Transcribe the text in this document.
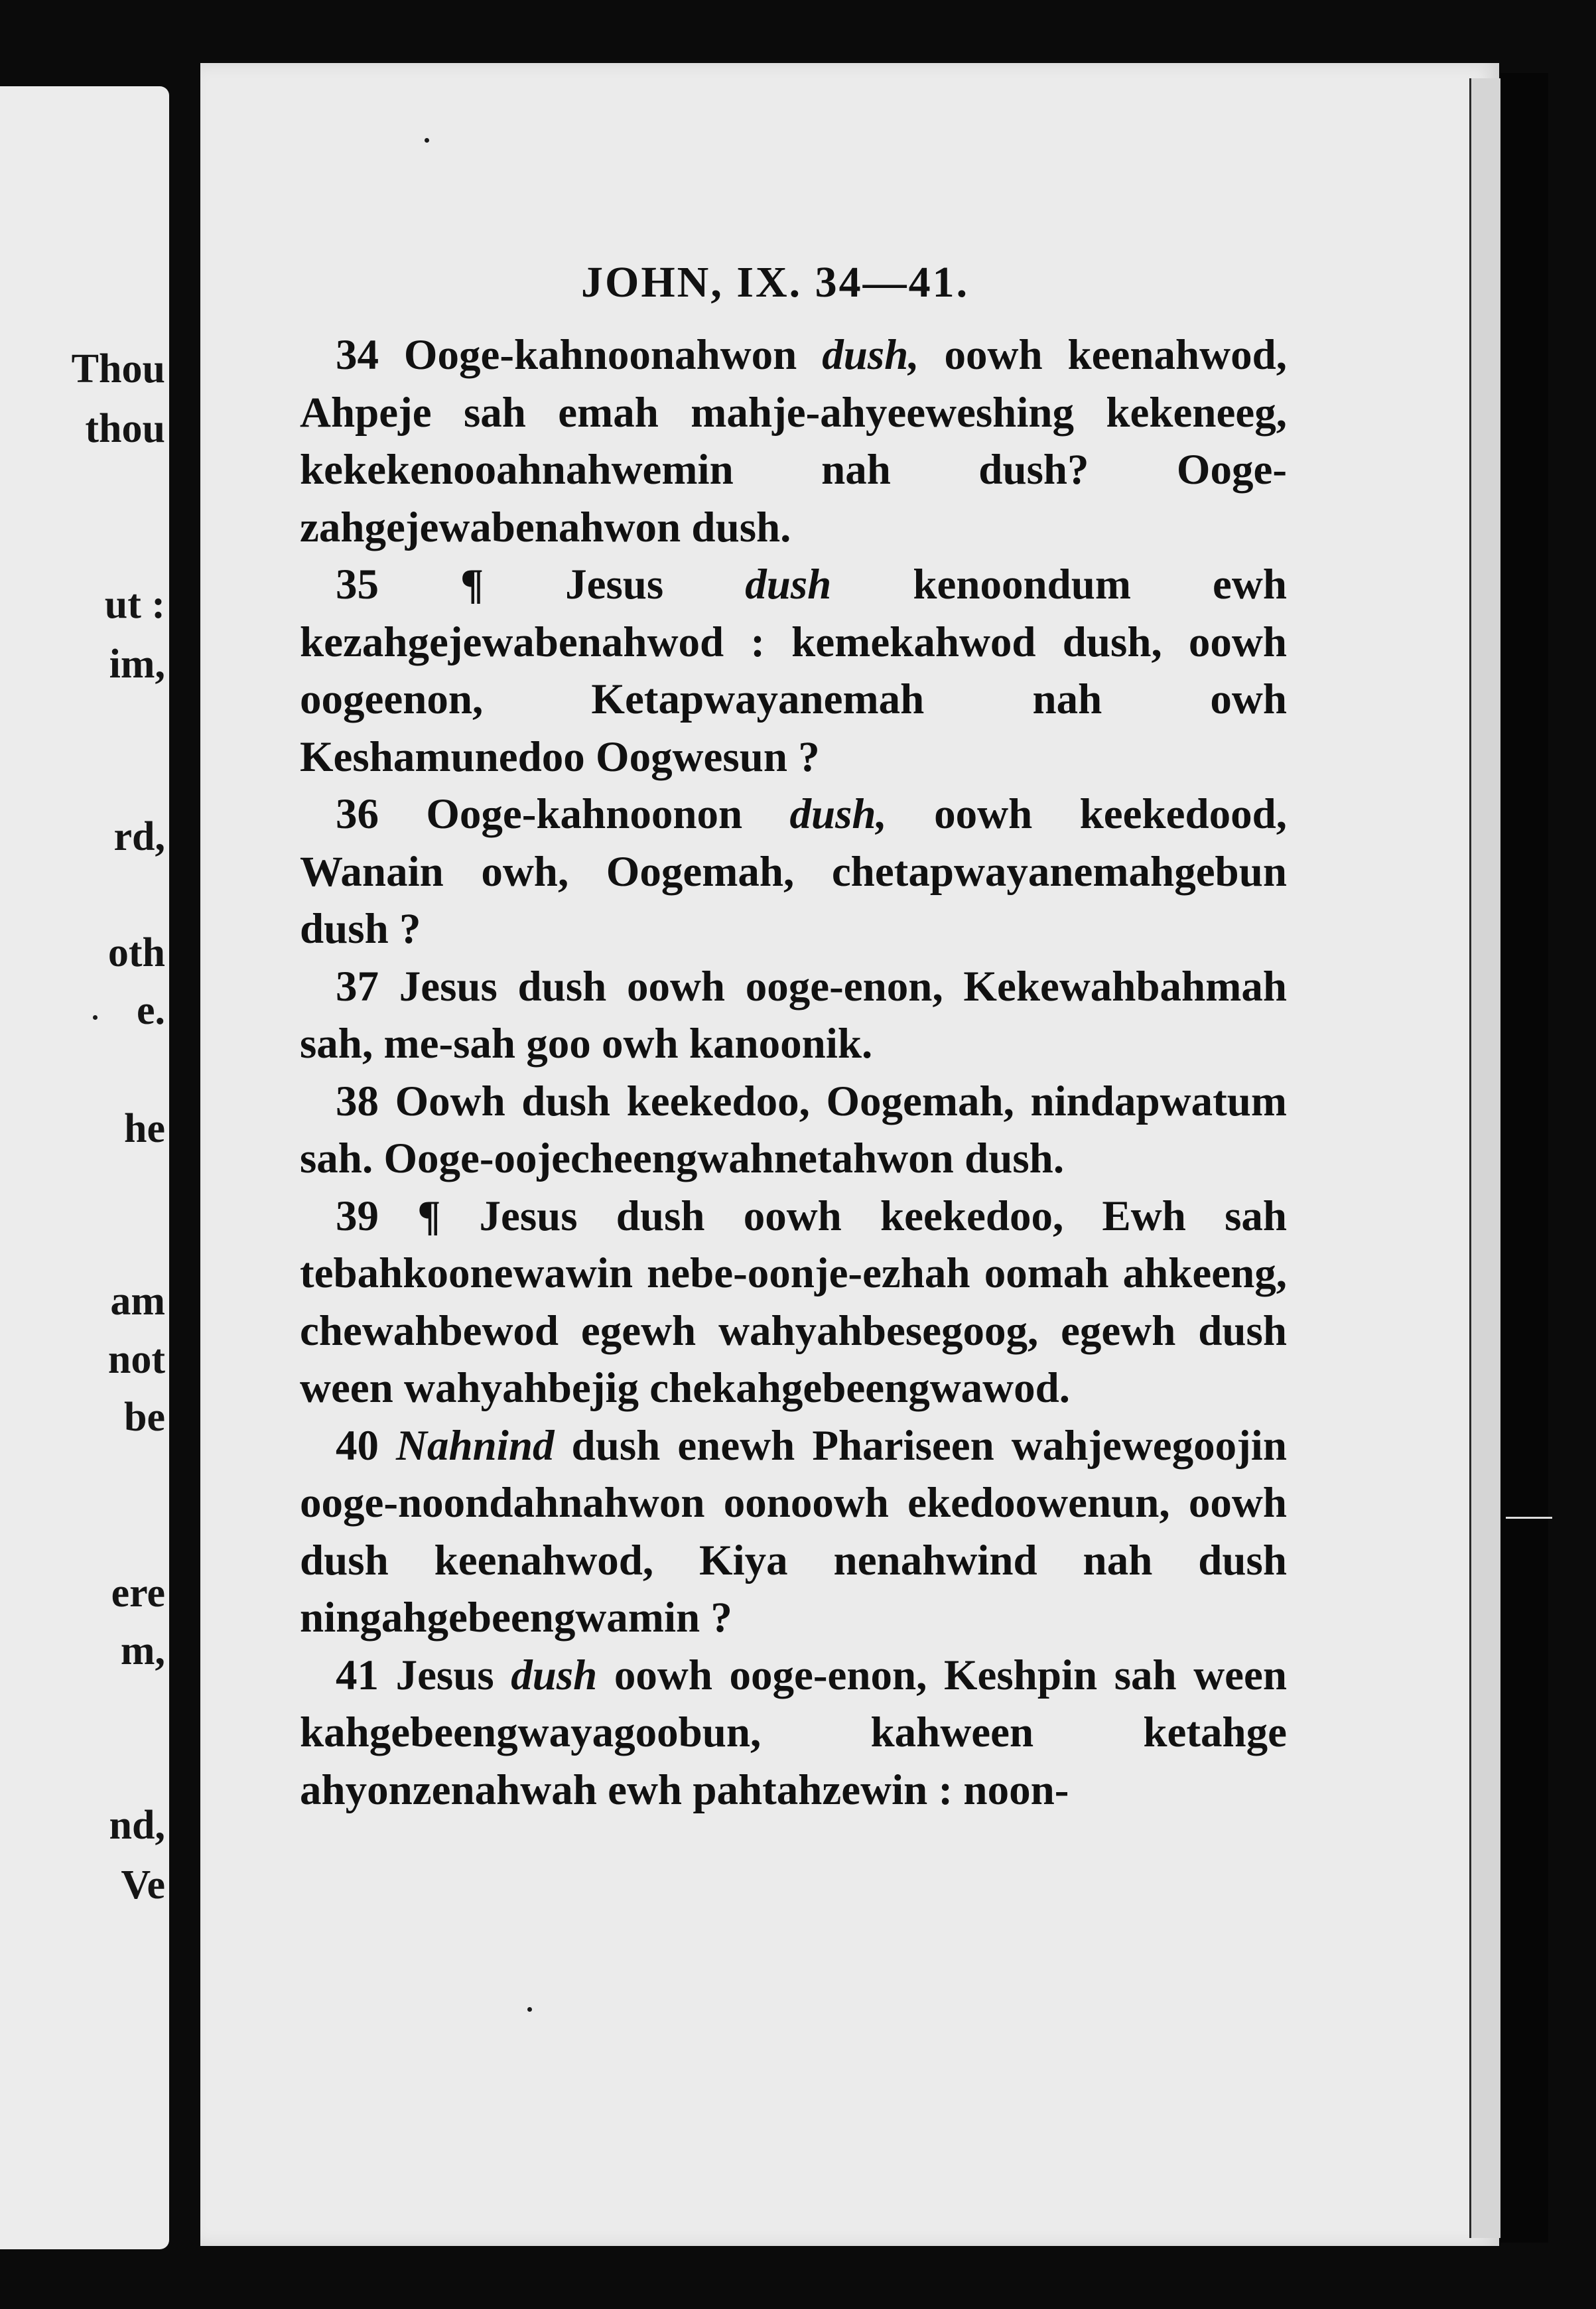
Thou
thou
ut :
im,
rd,
oth
e.
he
am
not
be
ere
m,
nd,
Ve
JOHN, IX. 34—41.

34 Ooge-kahnoonahwon dush, oowh keenahwod, Ahpeje sah emah mahje-ahyeeweshing kekeneeg, kekekenooahnahwemin nah dush? Ooge-zahgejewabenahwon dush.

35 ¶ Jesus dush kenoondum ewh kezahgejewabenahwod : kemekahwod dush, oowh oogeenon, Ketapwayanemah nah owh Keshamunedoo Oogwesun ?

36 Ooge-kahnoonon dush, oowh keekedood, Wanain owh, Oogemah, chetapwayanemahgebun dush ?

37 Jesus dush oowh ooge-enon, Kekewahbahmah sah, me-sah goo owh kanoonik.

38 Oowh dush keekedoo, Oogemah, nindapwatum sah. Ooge-oojecheengwahnetahwon dush.

39 ¶ Jesus dush oowh keekedoo, Ewh sah tebahkoonewawin nebe-oonje-ezhah oomah ahkeeng, chewahbewod egewh wahyahbesegoog, egewh dush ween wahyahbejig chekahgebeengwawod.

40 Nahnind dush enewh Phariseen wahjewegoojin ooge-noondahnahwon oonoowh ekedoowenun, oowh dush keenahwod, Kiya nenahwind nah dush ningahgebeengwamin ?

41 Jesus dush oowh ooge-enon, Keshpin sah ween kahgebeengwayagoobun, kahween ketahge ahyonzenahwah ewh pahtahzewin : noon-
